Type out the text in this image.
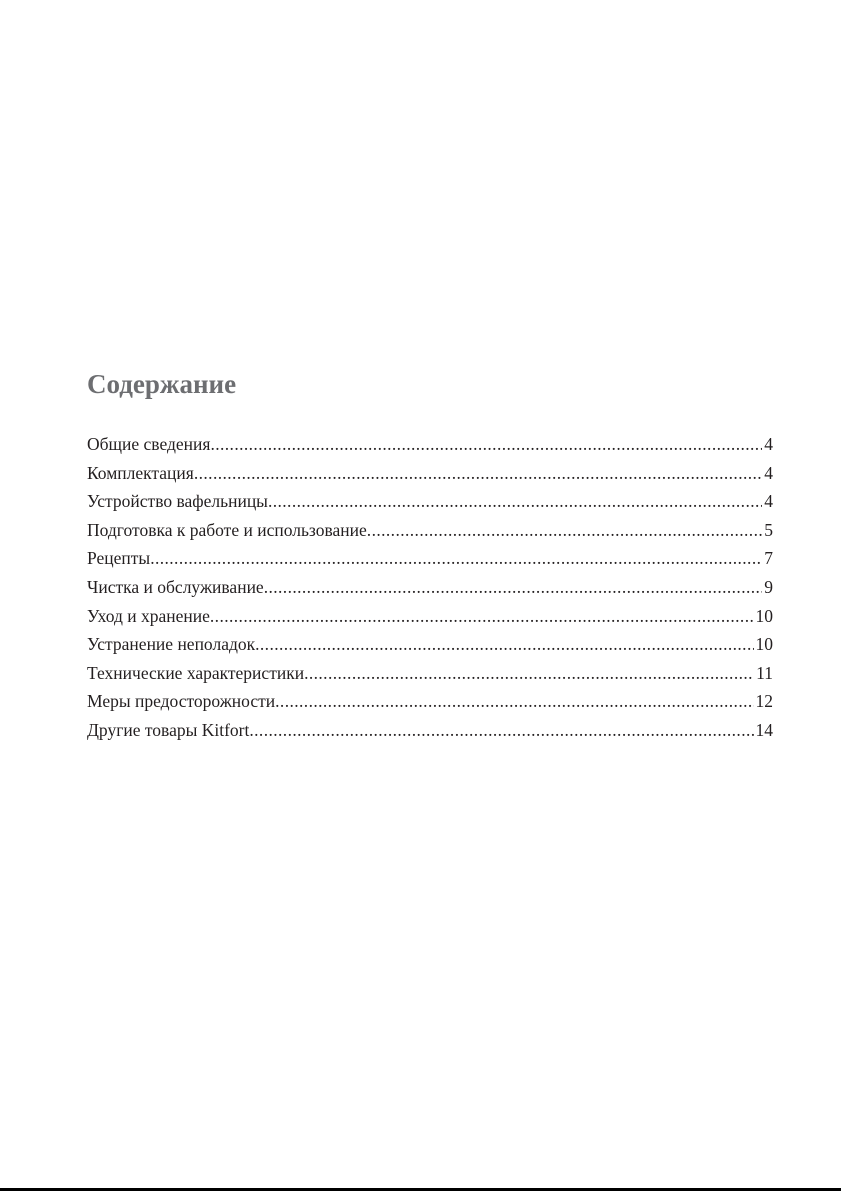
Содержание
Общие сведения .....	4
Комплектация .....	4
Устройство вафельницы .....	4
Подготовка к работе и использование .....	5
Рецепты .....	7
Чистка и обслуживание .....	9
Уход и хранение .....	10
Устранение неполадок .....	10
Технические характеристики .....	11
Меры предосторожности .....	12
Другие товары Kitfort .....	14
